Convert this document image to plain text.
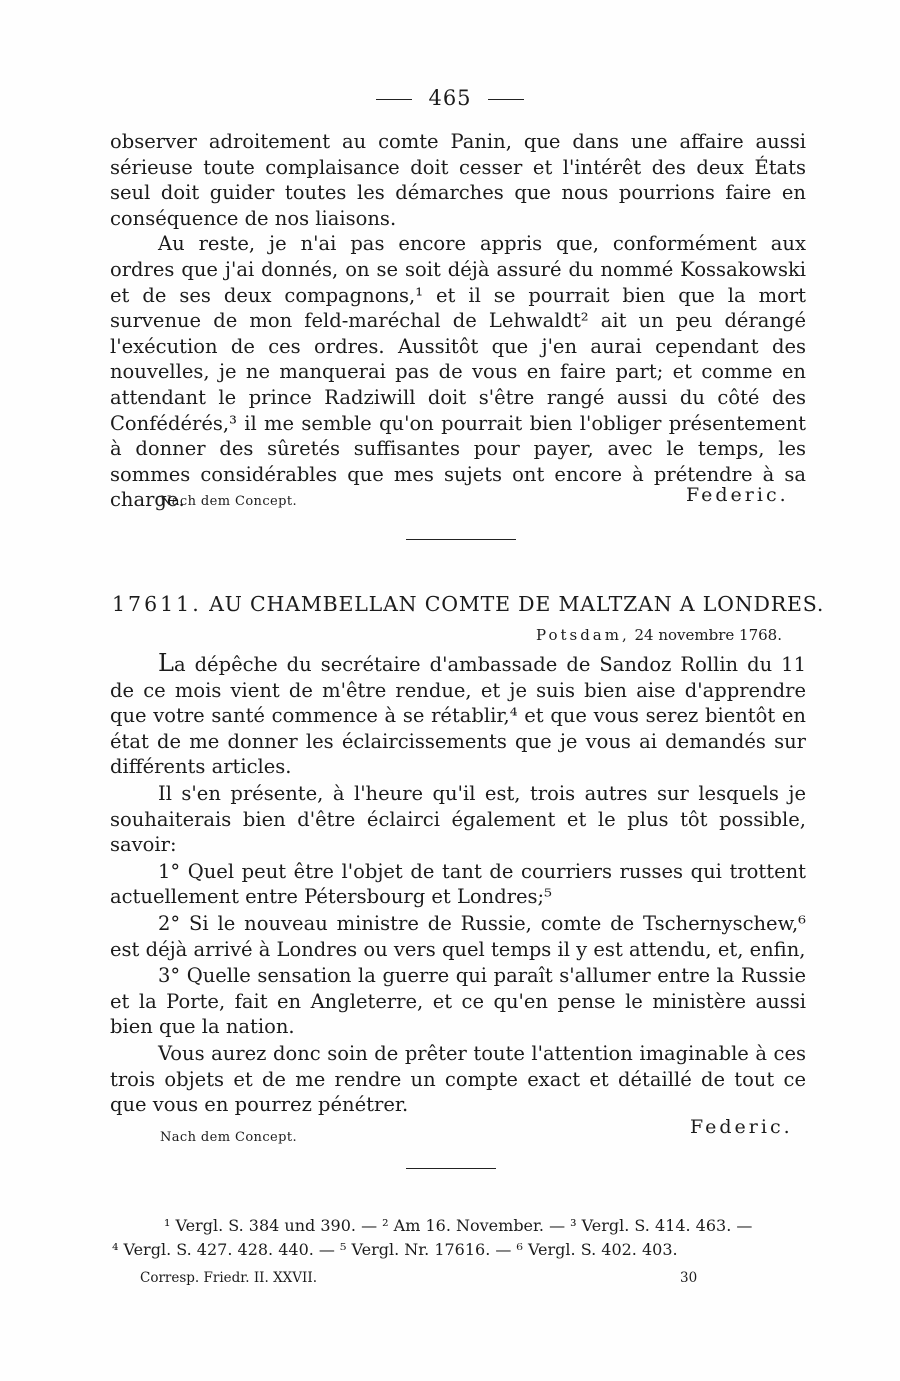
465

observer adroitement au comte Panin, que dans une affaire aussi sérieuse toute complaisance doit cesser et l'intérêt des deux États seul doit guider toutes les démarches que nous pourrions faire en conséquence de nos liaisons.

Au reste, je n'ai pas encore appris que, conformément aux ordres que j'ai donnés, on se soit déjà assuré du nommé Kossakowski et de ses deux compagnons,¹ et il se pourrait bien que la mort survenue de mon feld-maréchal de Lehwaldt² ait un peu dérangé l'exécution de ces ordres. Aussitôt que j'en aurai cependant des nouvelles, je ne manquerai pas de vous en faire part; et comme en attendant le prince Radziwill doit s'être rangé aussi du côté des Confédérés,³ il me semble qu'on pourrait bien l'obliger présentement à donner des sûretés suffisantes pour payer, avec le temps, les sommes considérables que mes sujets ont encore à prétendre à sa charge.

Nach dem Concept.	Federic.
17611. AU CHAMBELLAN COMTE DE MALTZAN A LONDRES.
Potsdam, 24 novembre 1768.

La dépêche du secrétaire d'ambassade de Sandoz Rollin du 11 de ce mois vient de m'être rendue, et je suis bien aise d'apprendre que votre santé commence à se rétablir,⁴ et que vous serez bientôt en état de me donner les éclaircissements que je vous ai demandés sur différents articles.

Il s'en présente, à l'heure qu'il est, trois autres sur lesquels je souhaiterais bien d'être éclairci également et le plus tôt possible, savoir:

1° Quel peut être l'objet de tant de courriers russes qui trottent actuellement entre Pétersbourg et Londres;⁵

2° Si le nouveau ministre de Russie, comte de Tschernyschew,⁶ est déjà arrivé à Londres ou vers quel temps il y est attendu, et, enfin,

3° Quelle sensation la guerre qui paraît s'allumer entre la Russie et la Porte, fait en Angleterre, et ce qu'en pense le ministère aussi bien que la nation.

Vous aurez donc soin de prêter toute l'attention imaginable à ces trois objets et de me rendre un compte exact et détaillé de tout ce que vous en pourrez pénétrer.

Nach dem Concept.	Federic.
¹ Vergl. S. 384 und 390. — ² Am 16. November. — ³ Vergl. S. 414. 463. —
⁴ Vergl. S. 427. 428. 440. — ⁵ Vergl. Nr. 17616. — ⁶ Vergl. S. 402. 403.
Corresp. Friedr. II. XXVII.	30
